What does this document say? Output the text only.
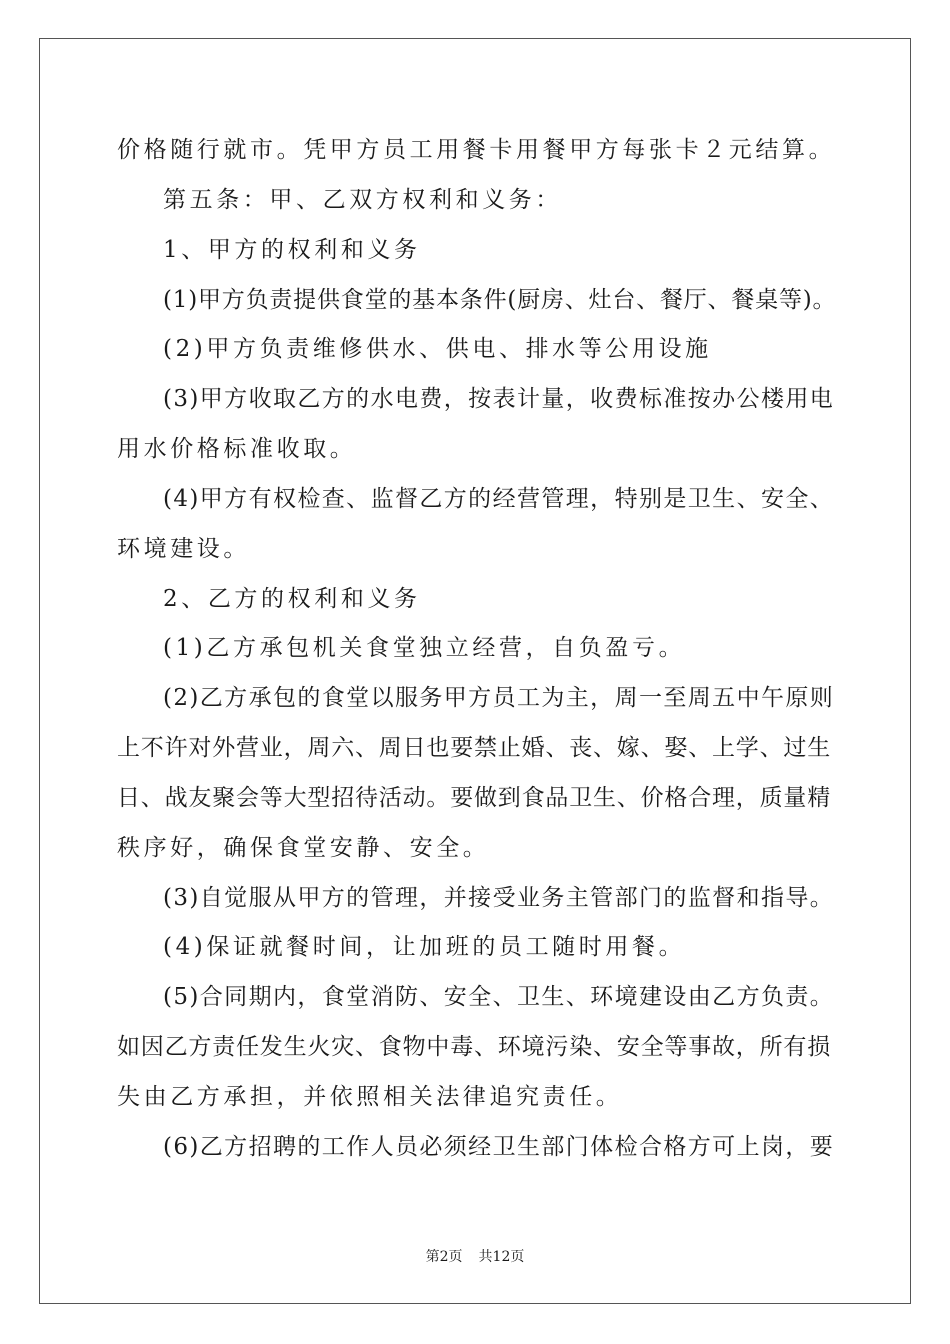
价格随行就市。凭甲方员工用餐卡用餐甲方每张卡２元结算。
第五条：甲、乙双方权利和义务：
1、甲方的权利和义务
(1)甲方负责提供食堂的基本条件(厨房、灶台、餐厅、餐桌等)。
(2)甲方负责维修供水、供电、排水等公用设施
(3)甲方收取乙方的水电费，按表计量，收费标准按办公楼用电
用水价格标准收取。
(4)甲方有权检查、监督乙方的经营管理，特别是卫生、安全、
环境建设。
2、乙方的权利和义务
(1)乙方承包机关食堂独立经营，自负盈亏。
(2)乙方承包的食堂以服务甲方员工为主，周一至周五中午原则
上不许对外营业，周六、周日也要禁止婚、丧、嫁、娶、上学、过生
日、战友聚会等大型招待活动。要做到食品卫生、价格合理，质量精
秩序好，确保食堂安静、安全。
(3)自觉服从甲方的管理，并接受业务主管部门的监督和指导。
(4)保证就餐时间，让加班的员工随时用餐。
(5)合同期内，食堂消防、安全、卫生、环境建设由乙方负责。
如因乙方责任发生火灾、食物中毒、环境污染、安全等事故，所有损
失由乙方承担，并依照相关法律追究责任。
(6)乙方招聘的工作人员必须经卫生部门体检合格方可上岗，要
第2页 共12页
